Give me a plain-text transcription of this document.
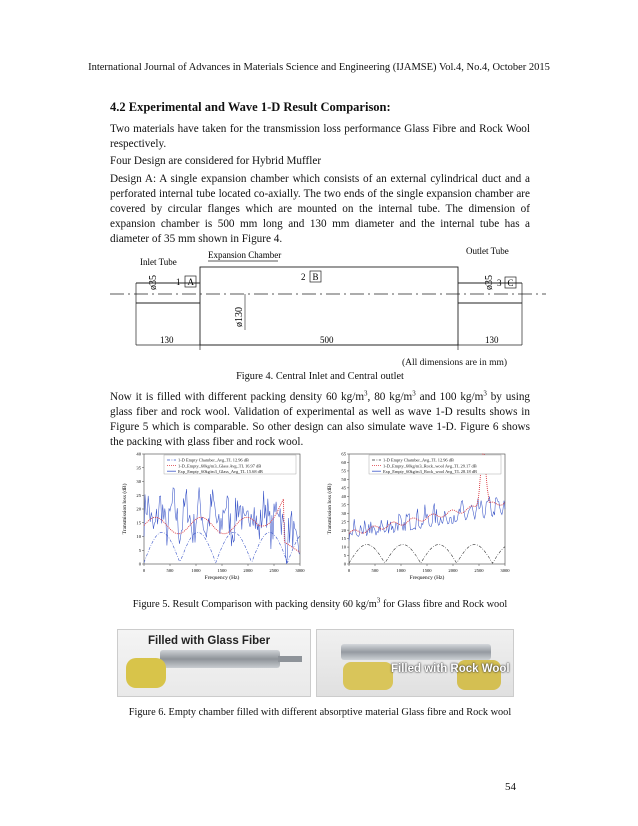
International Journal of Advances in Materials Science and Engineering (IJAMSE) Vol.4, No.4, October 2015
4.2 Experimental and Wave 1-D Result Comparison:

Two materials have taken for the transmission loss performance Glass Fibre and Rock Wool respectively.

Four Design are considered for Hybrid Muffler

Design A: A single expansion chamber which consists of an external cylindrical duct and a perforated internal tube located co-axially. The two ends of the single expansion chamber are covered by circular flanges which are mounted on the internal tube. The dimension of expansion chamber is 500 mm long and 130 mm diameter and the internal tube has a diameter of 35 mm shown in Figure 4.

Inlet Tube
Expansion Chamber	Outlet Tube
ø35	ø35
ø130
1 A	2 B
3 C
130	500	130
(All dimensions are in mm)
Figure 4. Central Inlet and Central outlet

Now it is filled with different packing density 60 $kg/m^3$, 80 $kg/m^3$ and 100 $kg/m^3$ by using glass fiber and rock wool. Validation of experimental as well as wave 1-D results shows in Figure 5 which is comparable. So other design can also simulate wave 1-D. Figure 6 shows the packing with glass fiber and rock wool.

0	500	1000	1500	2000	2500	3000
0
5
10
15
20
25
30
35
40
Frequency (Hz)
Transmission loss (dB)
1-D Empty Chamber_Avg_TL 12.96 dB
1-D_Empty_60kg/m3_Glass Avg_TL 16.97 dB
Exp_Empty_60kg/m3_Glass_Avg_TL 15.68 dB
0	500	1000	1500	2000	2500	3000
0
5
10
15
20
25
30
35
40
45
50
55
60
65
Frequency (Hz)
Transmission loss (dB)
1-D Empty Chamber_Avg_TL 12.96 dB
1-D_Empty_60kg/m3_Rock_wool Avg_TL 29.17 dB
Exp_Empty_60kg/m3_Rock_wool Avg_TL 28.18 dB
Figure 5. Result Comparison with packing density 60 $kg/m^3$ for Glass fibre and Rock wool
Filled with Glass Fiber
Filled with Rock Wool
Figure 6. Empty chamber filled with different absorptive material Glass fibre and Rock wool
54
